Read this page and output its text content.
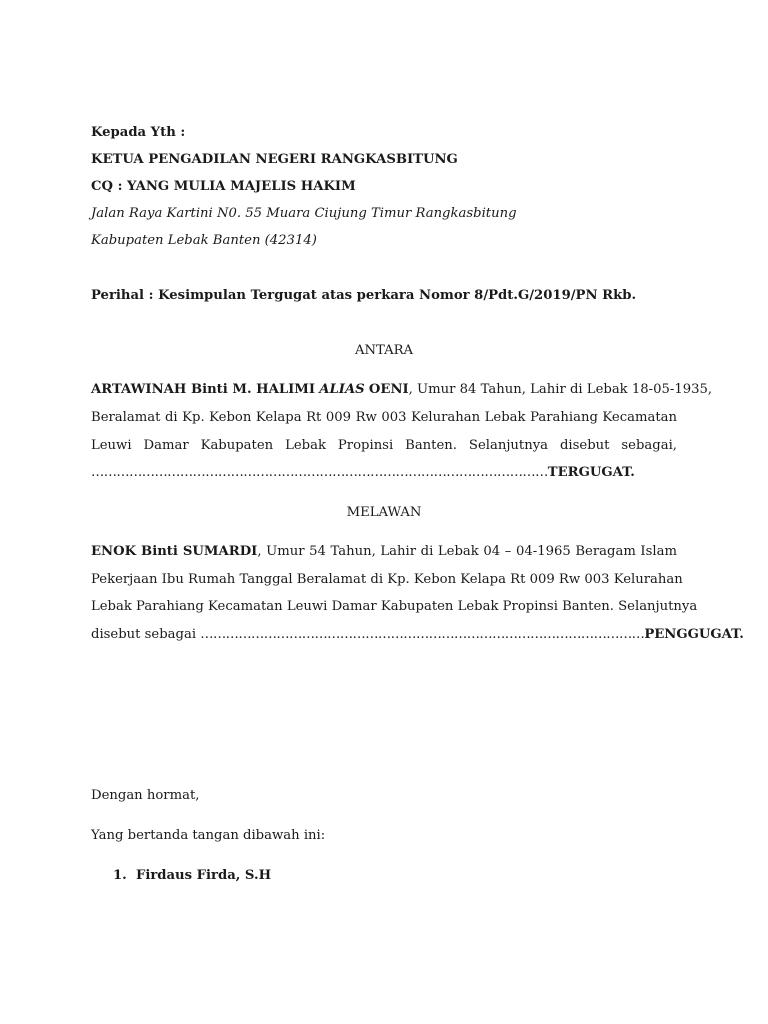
Kepada Yth :
KETUA PENGADILAN NEGERI RANGKASBITUNG
CQ : YANG MULIA MAJELIS HAKIM
Jalan Raya Kartini N0. 55 Muara Ciujung Timur Rangkasbitung
Kabupaten Lebak Banten (42314)
Perihal : Kesimpulan Tergugat atas perkara Nomor 8/Pdt.G/2019/PN Rkb.
ANTARA
ARTAWINAH Binti M. HALIMI ALIAS OENI, Umur 84 Tahun, Lahir di Lebak 18-05-1935,
Beralamat di Kp. Kebon Kelapa Rt 009 Rw 003 Kelurahan Lebak Parahiang Kecamatan
Leuwi Damar Kabupaten Lebak Propinsi Banten. Selanjutnya disebut sebagai,
………………………………………………………………………………………………TERGUGAT.
MELAWAN
ENOK Binti SUMARDI, Umur 54 Tahun, Lahir di Lebak 04 – 04-1965 Beragam Islam
Pekerjaan Ibu Rumah Tanggal Beralamat di Kp. Kebon Kelapa Rt 009 Rw 003 Kelurahan
Lebak Parahiang Kecamatan Leuwi Damar Kabupaten Lebak Propinsi Banten. Selanjutnya
disebut sebagai ……………………………………………………………………………………………PENGGUGAT.
Dengan hormat,
Yang bertanda tangan dibawah ini:
1. Firdaus Firda, S.H
